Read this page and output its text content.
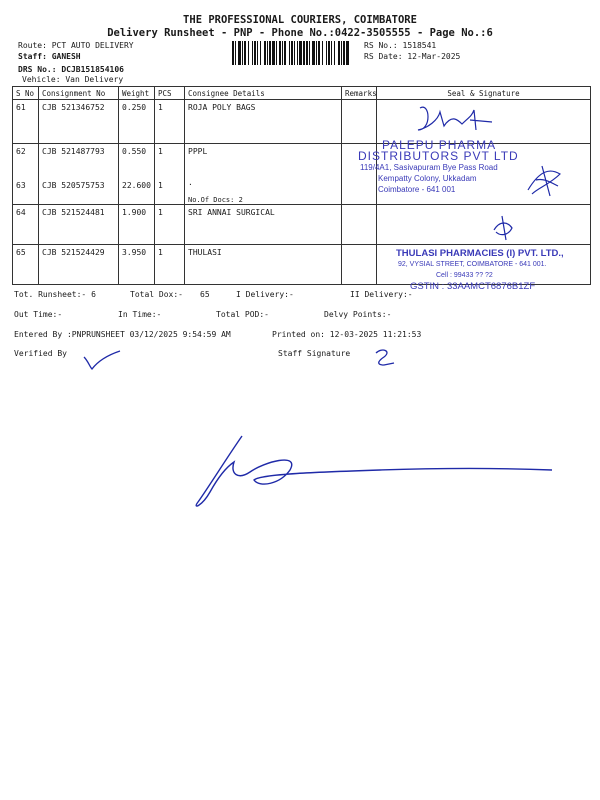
THE PROFESSIONAL COURIERS, COIMBATORE
Delivery Runsheet - PNP - Phone No.:0422-3505555 - Page No.:6
Route: PCT AUTO DELIVERY
Staff: GANESH
DRS No.: DCJB151854106
Vehicle: Van Delivery
RS No.: 1518541
RS Date: 12-Mar-2025
S No	Consignment No	Weight	PCS	Consignee Details	Remarks	Seal & Signature
61	CJB 521346752	0.250	1	ROJA POLY BAGS		
62	CJB 521487793	0.550	1	PPPL		
63	CJB 520575753	22.600	1	.
No.Of Docs: 2		

64	CJB 521524481	1.900	1	SRI ANNAI SURGICAL		
65	CJB 521524429	3.950	1	THULASI		
PALEPU PHARMA
DISTRIBUTORS PVT LTD
119/4A1, Sasivapuram Bye Pass Road
Kempatty Colony, Ukkadam
Coimbatore - 641 001
THULASI PHARMACIES (I) PVT. LTD.,
92, VYSIAL STREET, COIMBATORE - 641 001.
Cell : 99433 ?? ?2
GSTIN : 33AAMCT6876B1ZF
Tot. Runsheet:- 6	Total Dox:- 65	I Delivery:-	II Delivery:-
Out Time:-	In Time:-	Total POD:-	Delvy Points:-
Entered By :PNPRUNSHEET 03/12/2025 9:54:59 AM	Printed on: 12-03-2025 11:21:53
Verified By	Staff Signature
